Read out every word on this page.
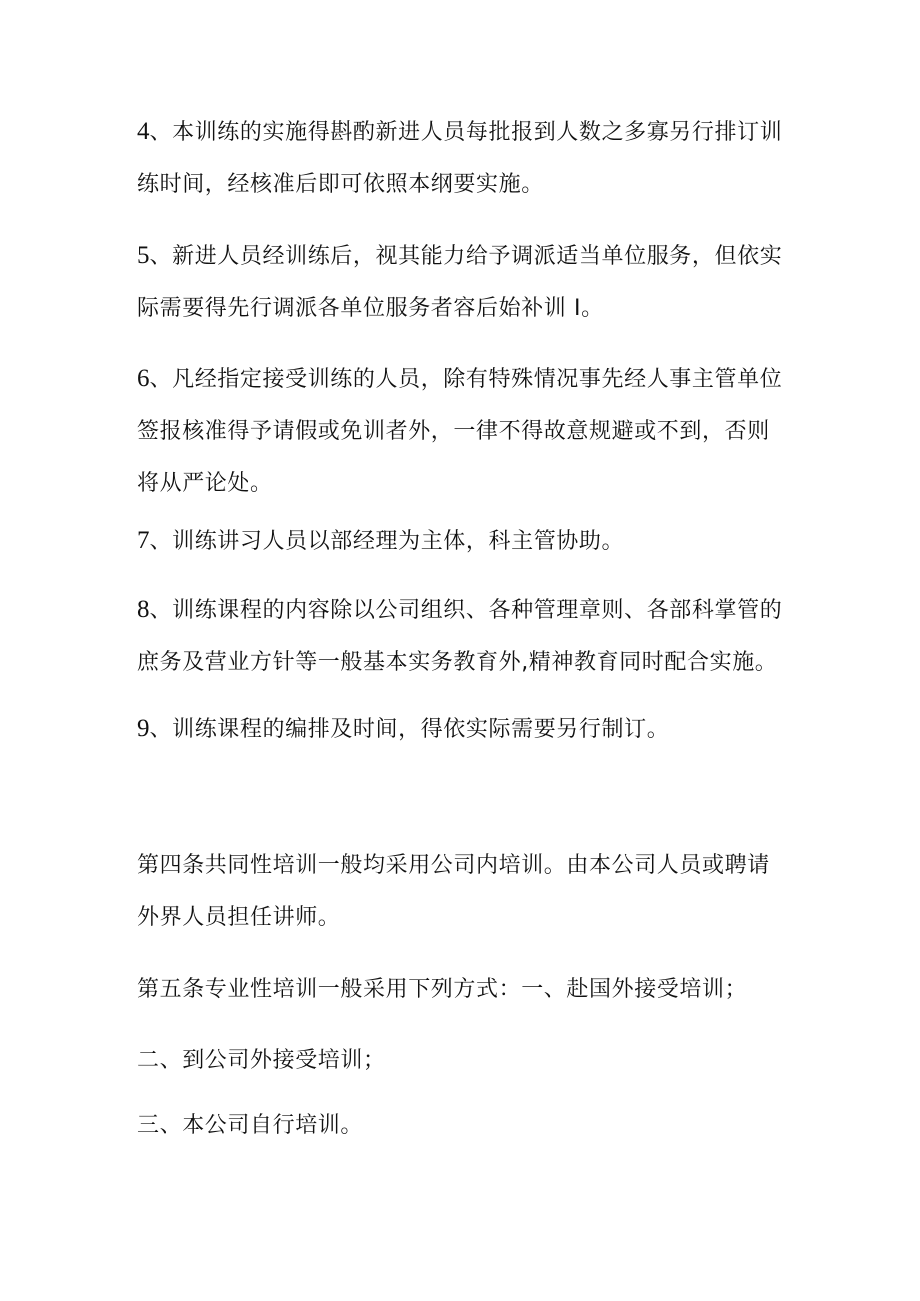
4、本训练的实施得斟酌新进人员每批报到人数之多寡另行排订训练时间，经核准后即可依照本纲要实施。

5、新进人员经训练后，视其能力给予调派适当单位服务，但依实际需要得先行调派各单位服务者容后始补训 I。

6、凡经指定接受训练的人员，除有特殊情况事先经人事主管单位签报核准得予请假或免训者外，一律不得故意规避或不到，否则将从严论处。

7、训练讲习人员以部经理为主体，科主管协助。

8、训练课程的内容除以公司组织、各种管理章则、各部科掌管的庶务及营业方针等一般基本实务教育外,精神教育同时配合实施。

9、训练课程的编排及时间，得依实际需要另行制订。

第四条共同性培训一般均采用公司内培训。由本公司人员或聘请外界人员担任讲师。

第五条专业性培训一般采用下列方式：一、赴国外接受培训；

二、到公司外接受培训；

三、本公司自行培训。
